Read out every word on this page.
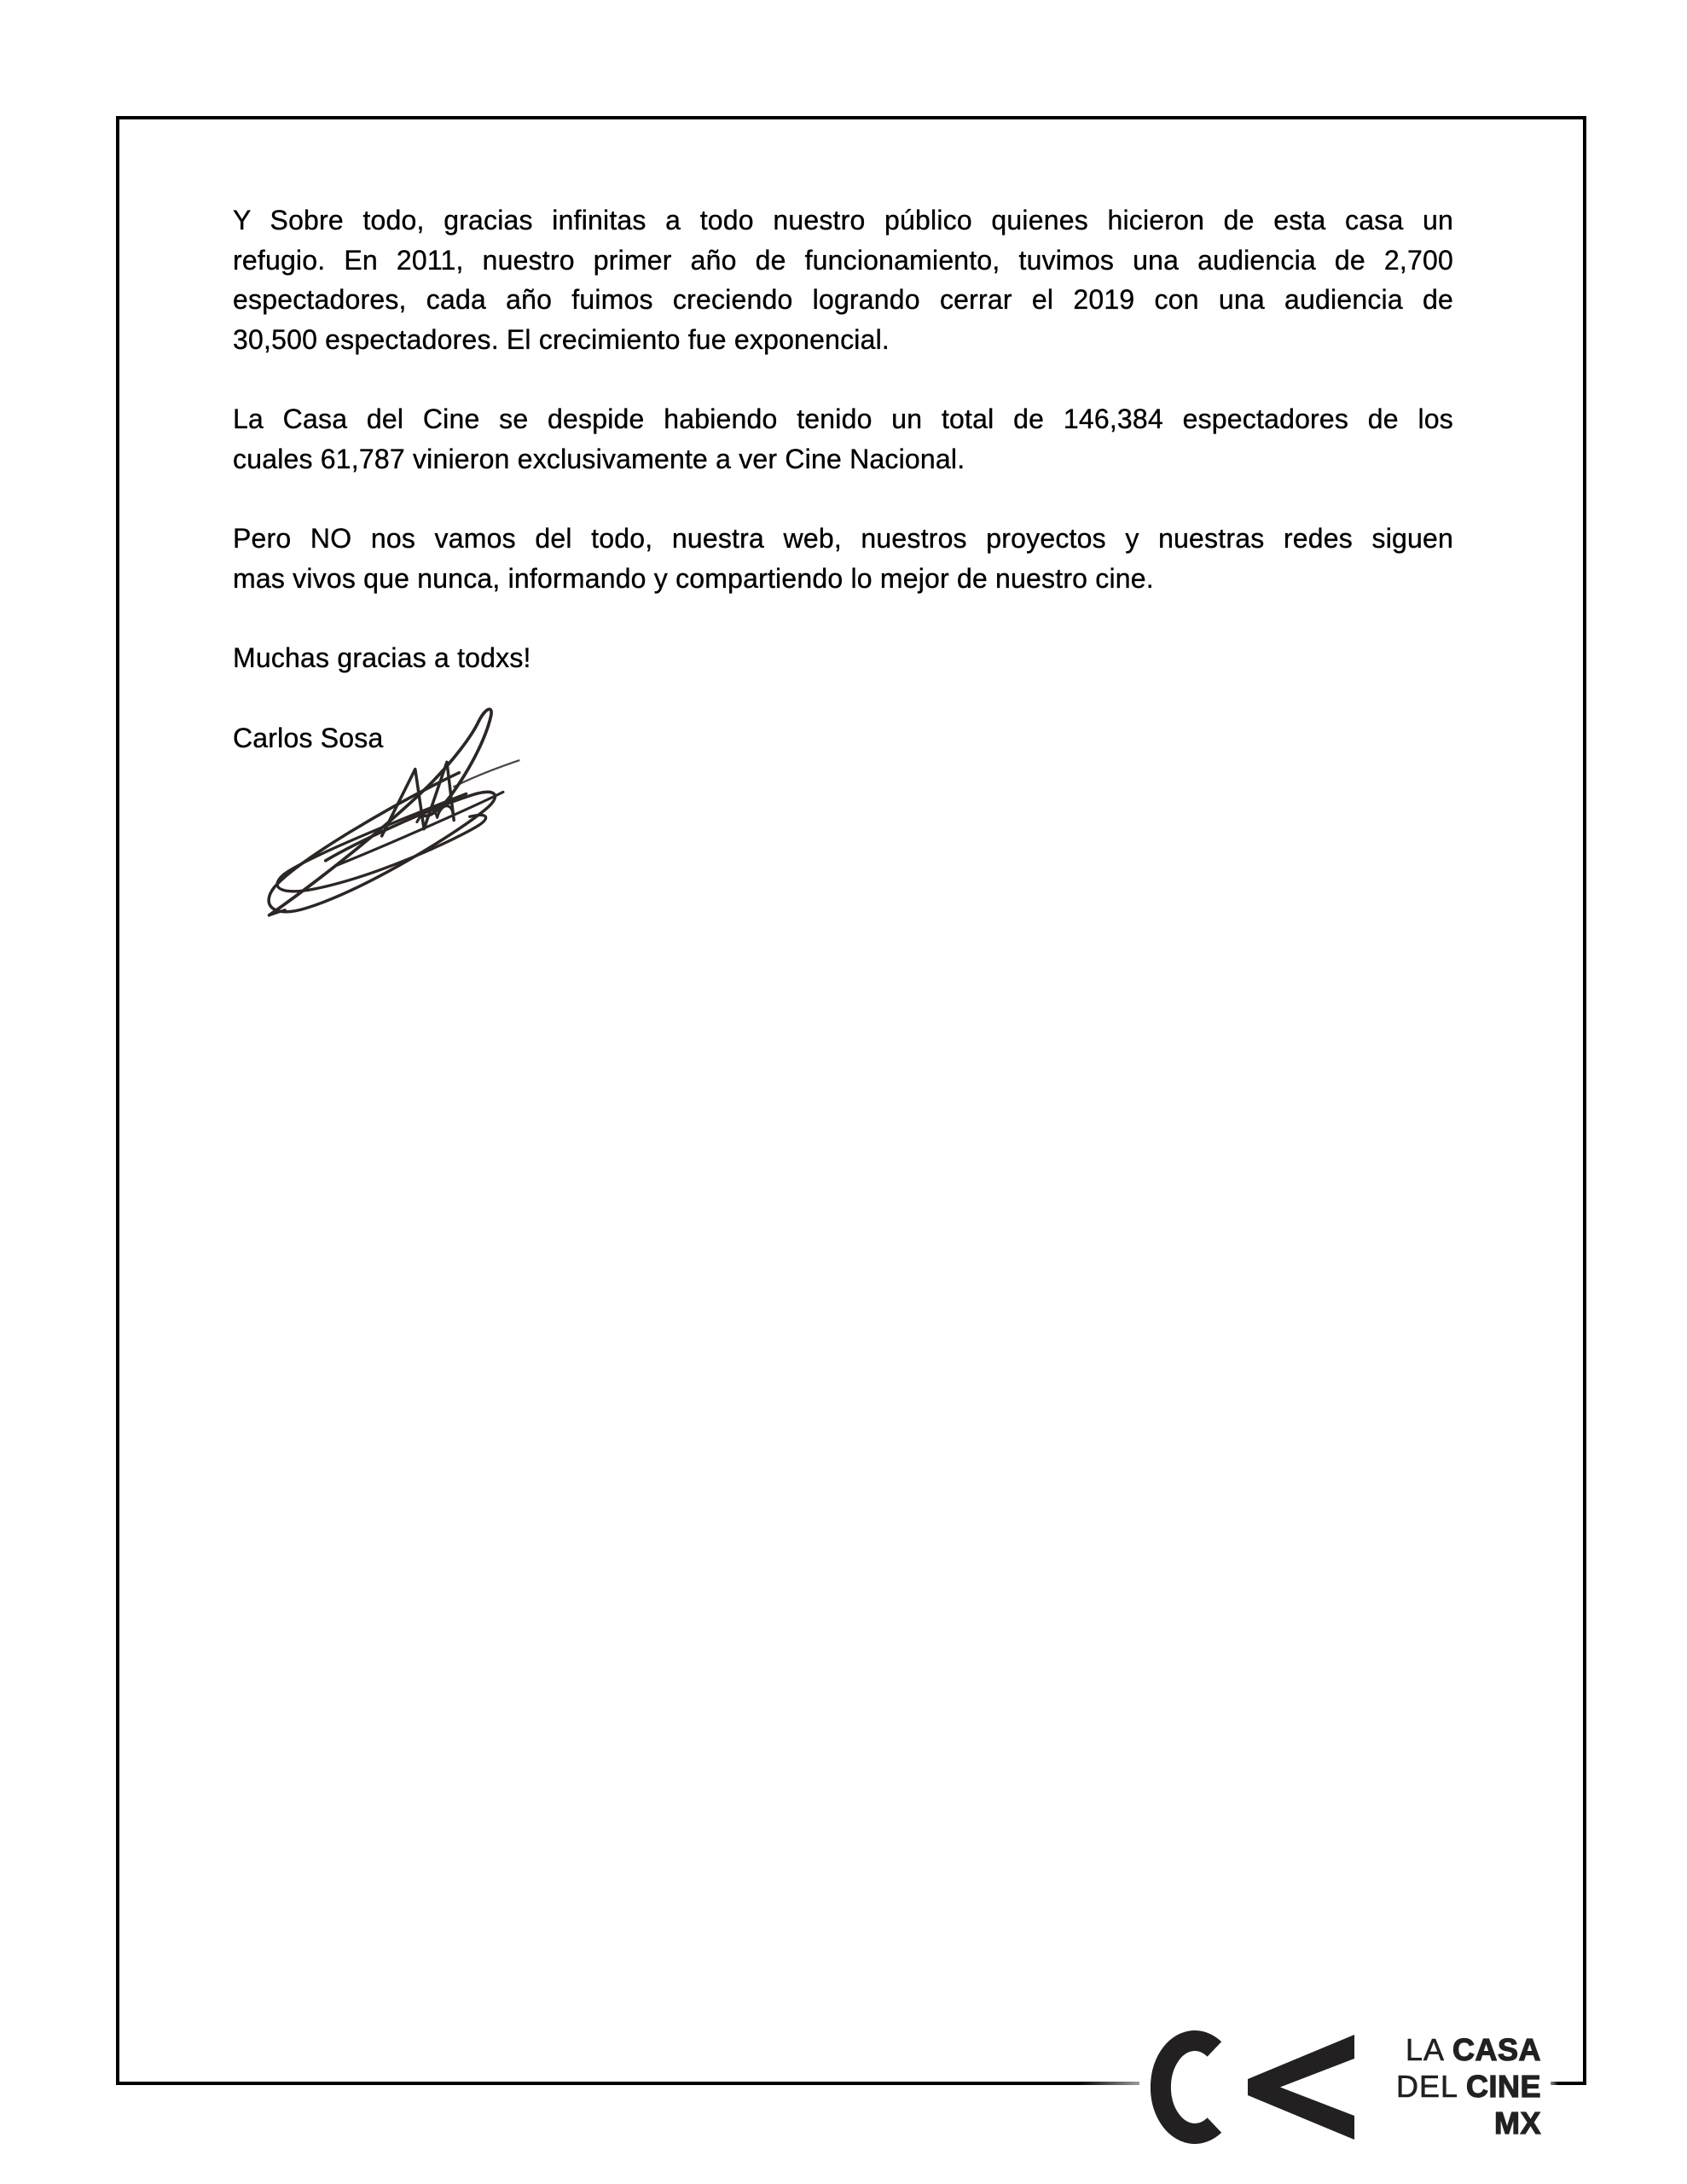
Y Sobre todo, gracias infinitas a todo nuestro público quienes hicieron de esta casa un
refugio. En 2011, nuestro primer año de funcionamiento, tuvimos una audiencia de 2,700
espectadores, cada año fuimos creciendo logrando cerrar el 2019 con una audiencia de
30,500 espectadores. El crecimiento fue exponencial.
La Casa del Cine se despide habiendo tenido un total de 146,384 espectadores de los
cuales 61,787 vinieron exclusivamente a ver Cine Nacional.
Pero NO nos vamos del todo, nuestra web, nuestros proyectos y nuestras redes siguen
mas vivos que nunca, informando y compartiendo lo mejor de nuestro cine.
Muchas gracias a todxs!
Carlos Sosa
LA CASA
DEL CINE
MX
